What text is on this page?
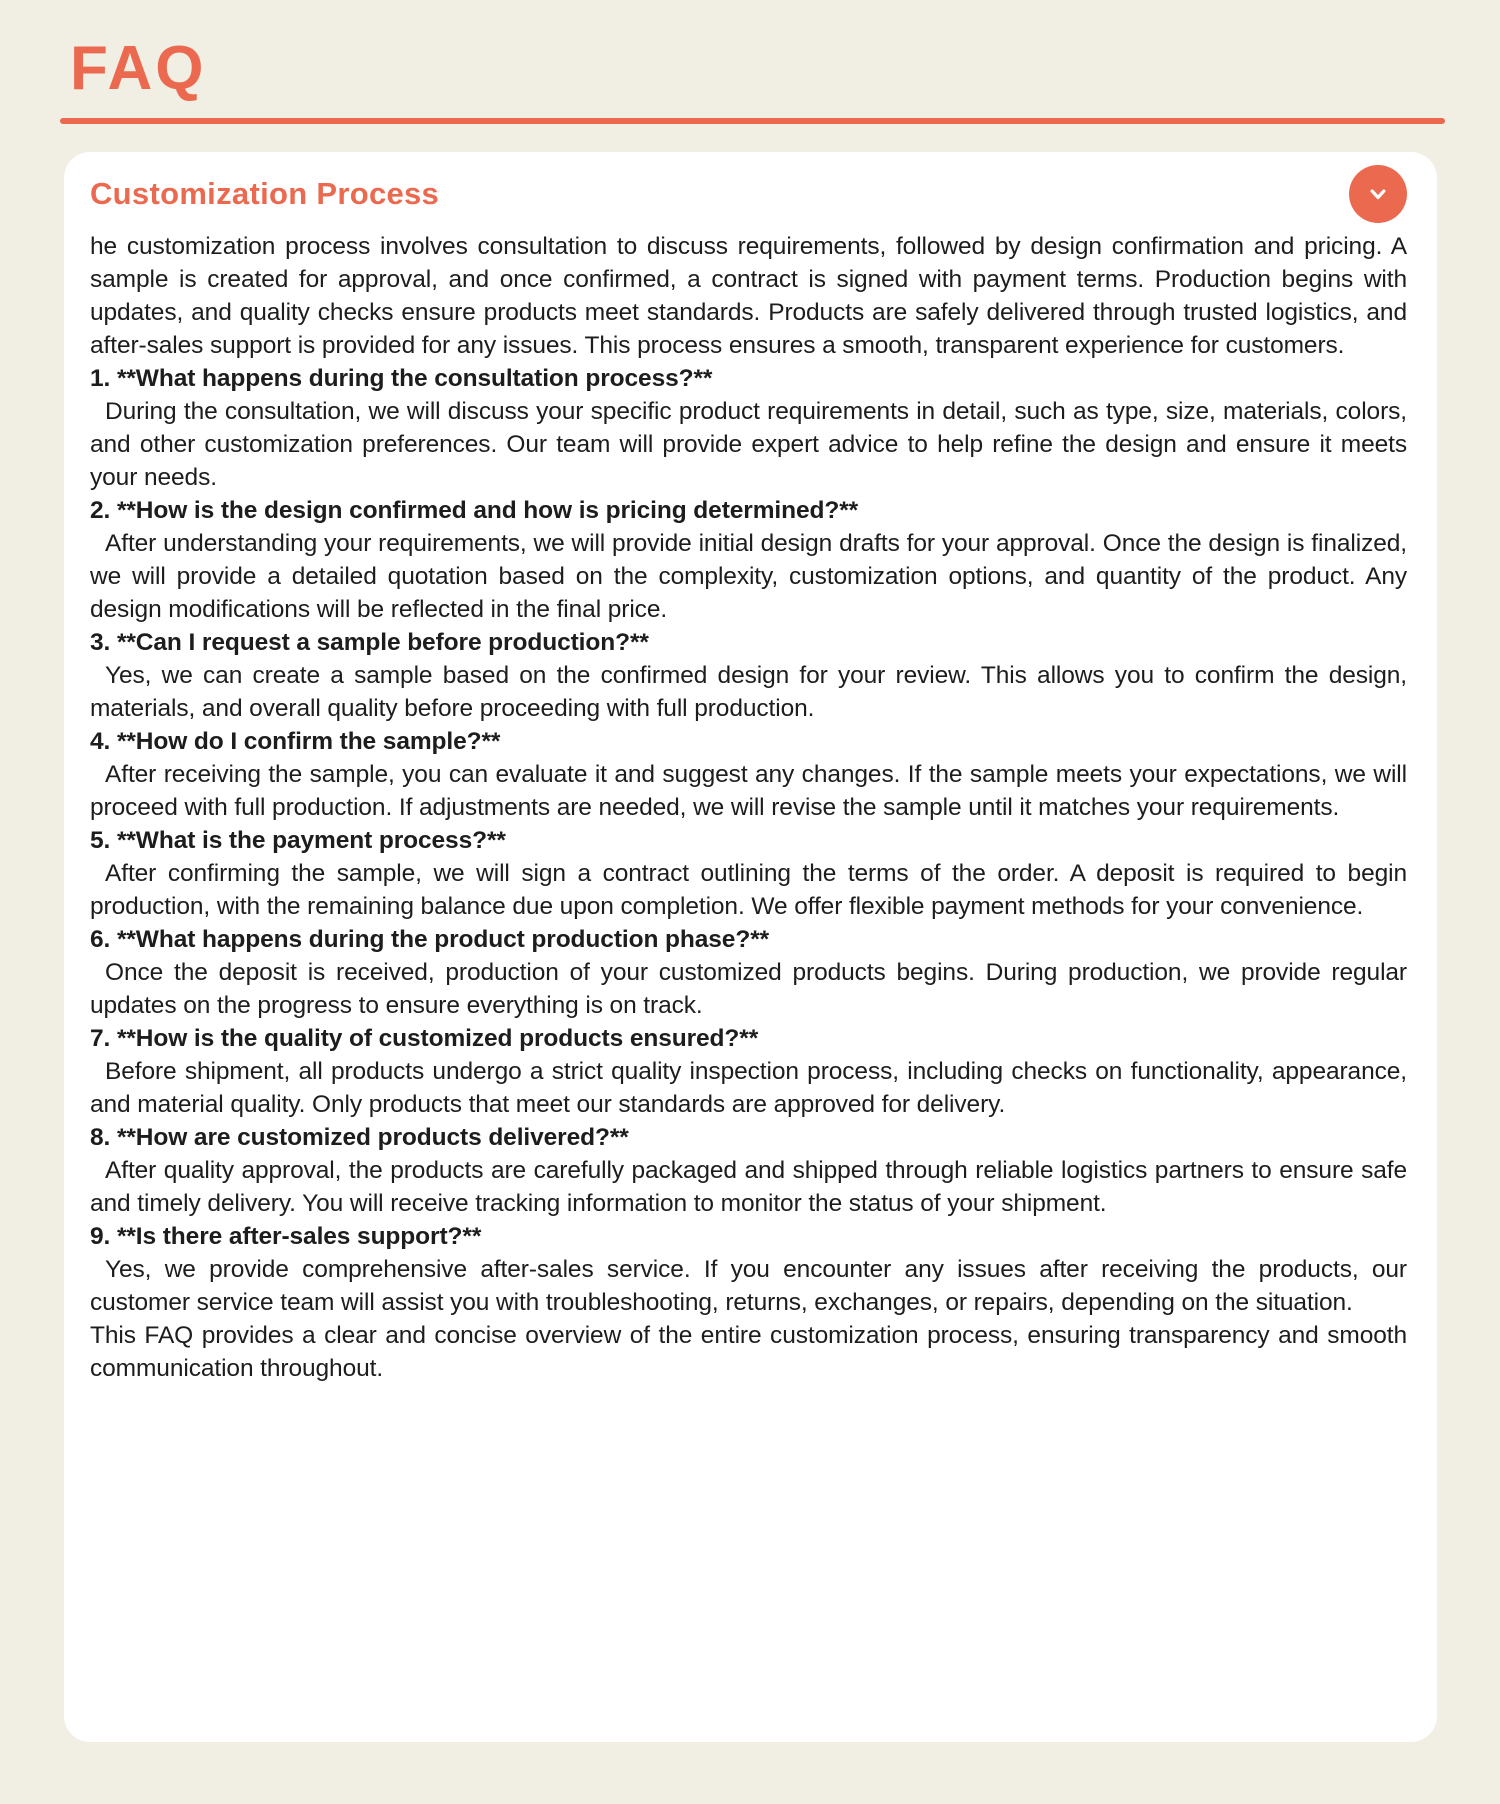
FAQ
Customization Process

he customization process involves consultation to discuss requirements, followed by design confirmation and pricing. A sample is created for approval, and once confirmed, a contract is signed with payment terms. Production begins with updates, and quality checks ensure products meet standards. Products are safely delivered through trusted logistics, and after-sales support is provided for any issues. This process ensures a smooth, transparent experience for customers.

1. **What happens during the consultation process?**

During the consultation, we will discuss your specific product requirements in detail, such as type, size, materials, colors, and other customization preferences. Our team will provide expert advice to help refine the design and ensure it meets your needs.

2. **How is the design confirmed and how is pricing determined?**

After understanding your requirements, we will provide initial design drafts for your approval. Once the design is finalized, we will provide a detailed quotation based on the complexity, customization options, and quantity of the product. Any design modifications will be reflected in the final price.

3. **Can I request a sample before production?**

Yes, we can create a sample based on the confirmed design for your review. This allows you to confirm the design, materials, and overall quality before proceeding with full production.

4. **How do I confirm the sample?**

After receiving the sample, you can evaluate it and suggest any changes. If the sample meets your expectations, we will proceed with full production. If adjustments are needed, we will revise the sample until it matches your requirements.

5. **What is the payment process?**

After confirming the sample, we will sign a contract outlining the terms of the order. A deposit is required to begin production, with the remaining balance due upon completion. We offer flexible payment methods for your convenience.

6. **What happens during the product production phase?**

Once the deposit is received, production of your customized products begins. During production, we provide regular updates on the progress to ensure everything is on track.

7. **How is the quality of customized products ensured?**

Before shipment, all products undergo a strict quality inspection process, including checks on functionality, appearance, and material quality. Only products that meet our standards are approved for delivery.

8. **How are customized products delivered?**

After quality approval, the products are carefully packaged and shipped through reliable logistics partners to ensure safe and timely delivery. You will receive tracking information to monitor the status of your shipment.

9. **Is there after-sales support?**

Yes, we provide comprehensive after-sales service. If you encounter any issues after receiving the products, our customer service team will assist you with troubleshooting, returns, exchanges, or repairs, depending on the situation.

This FAQ provides a clear and concise overview of the entire customization process, ensuring transparency and smooth communication throughout.
